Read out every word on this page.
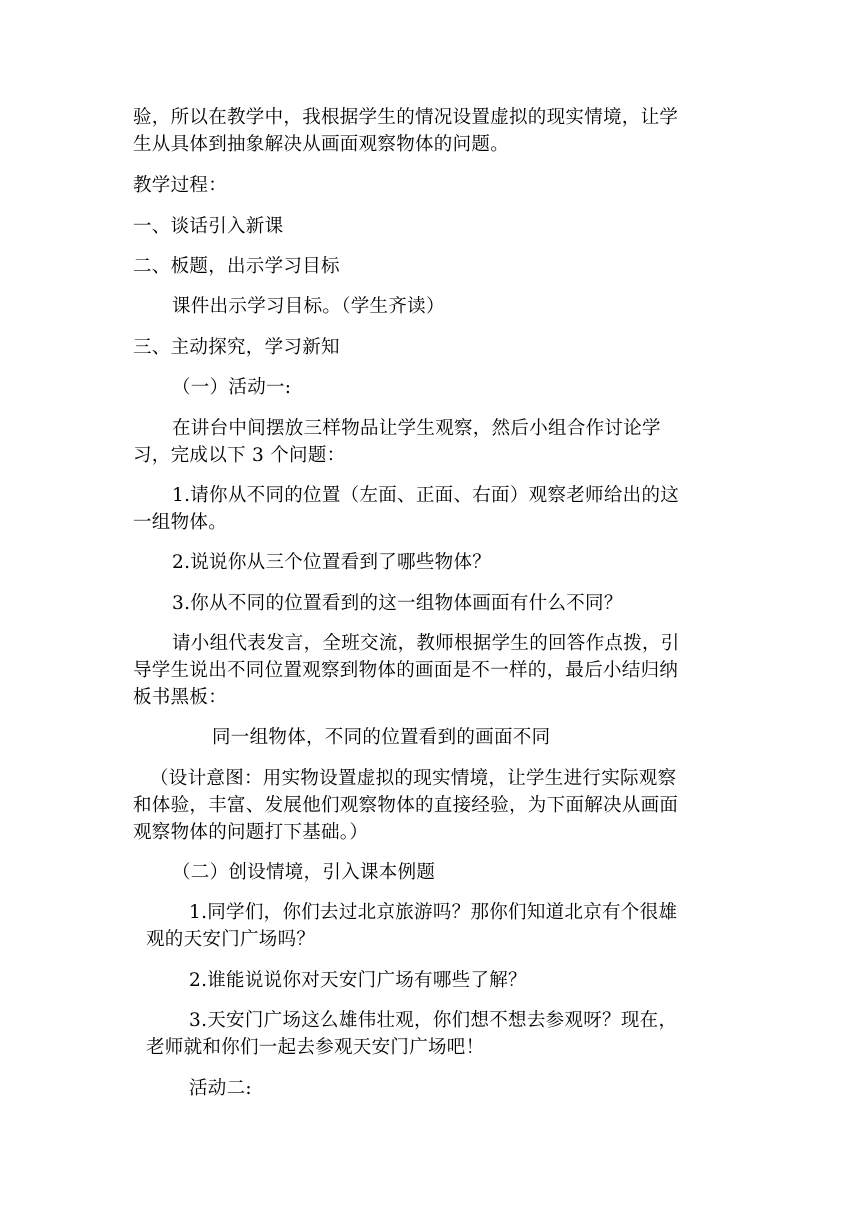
验，所以在教学中，我根据学生的情况设置虚拟的现实情境，让学
生从具体到抽象解决从画面观察物体的问题。
教学过程：
一、谈话引入新课
二、板题，出示学习目标
课件出示学习目标。（学生齐读）
三、主动探究，学习新知
（一）活动一:
在讲台中间摆放三样物品让学生观察，然后小组合作讨论学
习，完成以下 3 个问题：
1.请你从不同的位置（左面、正面、右面）观察老师给出的这
一组物体。
2.说说你从三个位置看到了哪些物体？
3.你从不同的位置看到的这一组物体画面有什么不同？
请小组代表发言，全班交流，教师根据学生的回答作点拨，引
导学生说出不同位置观察到物体的画面是不一样的，最后小结归纳
板书黑板：
同一组物体，不同的位置看到的画面不同
（设计意图：用实物设置虚拟的现实情境，让学生进行实际观察
和体验，丰富、发展他们观察物体的直接经验，为下面解决从画面
观察物体的问题打下基础。）
（二）创设情境，引入课本例题
1.同学们，你们去过北京旅游吗？那你们知道北京有个很雄
观的天安门广场吗？
2.谁能说说你对天安门广场有哪些了解？
3.天安门广场这么雄伟壮观，你们想不想去参观呀？现在，
老师就和你们一起去参观天安门广场吧！
活动二:
